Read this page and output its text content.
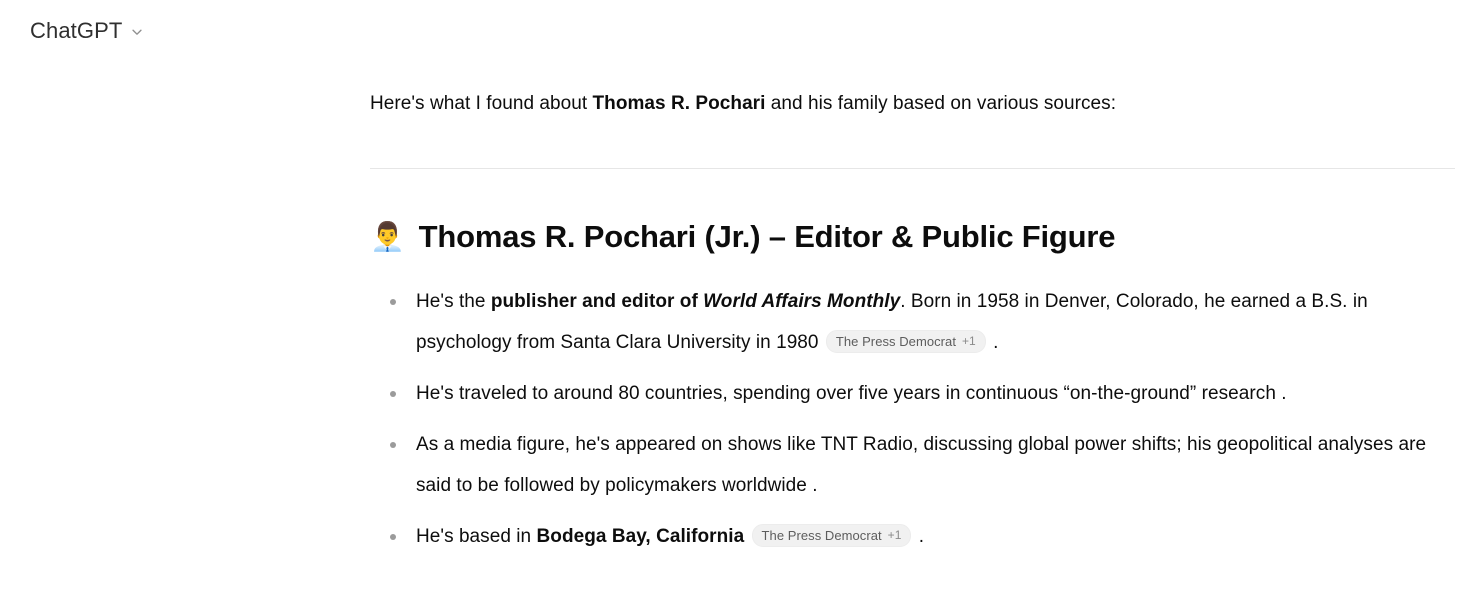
ChatGPT

Here's what I found about Thomas R. Pochari and his family based on various sources:

👨‍💼 Thomas R. Pochari (Jr.) – Editor & Public Figure
He's the publisher and editor of World Affairs Monthly. Born in 1958 in Denver, Colorado, he earned a B.S. in psychology from Santa Clara University in 1980 The Press Democrat +1 .
He's traveled to around 80 countries, spending over five years in continuous “on-the-ground” research .
As a media figure, he's appeared on shows like TNT Radio, discussing global power shifts; his geopolitical analyses are said to be followed by policymakers worldwide .
He's based in Bodega Bay, California The Press Democrat +1 .
